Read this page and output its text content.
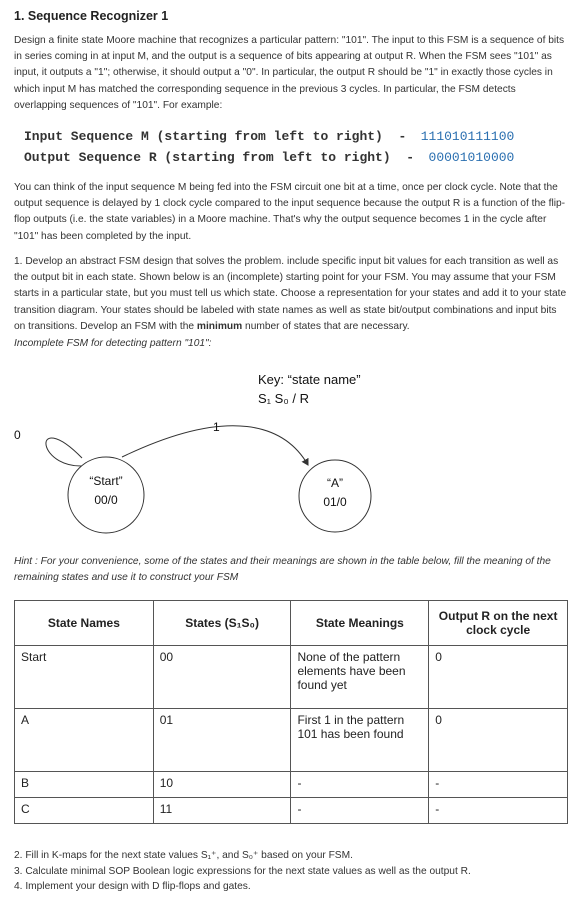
1. Sequence Recognizer 1
Design a finite state Moore machine that recognizes a particular pattern: "101". The input to this FSM is a sequence of bits in series coming in at input M, and the output is a sequence of bits appearing at output R. When the FSM sees "101" as input, it outputs a "1"; otherwise, it should output a "0". In particular, the output R should be "1" in exactly those cycles in which input M has matched the corresponding sequence in the previous 3 cycles. In particular, the FSM detects overlapping sequences of "101". For example:
Input Sequence M (starting from left to right)  - 111010111100
Output Sequence R (starting from left to right)  - 00001010000
You can think of the input sequence M being fed into the FSM circuit one bit at a time, once per clock cycle. Note that the output sequence is delayed by 1 clock cycle compared to the input sequence because the output R is a function of the flip-flop outputs (i.e. the state variables) in a Moore machine. That's why the output sequence becomes 1 in the cycle after "101" has been completed by the input.
1. Develop an abstract FSM design that solves the problem. include specific input bit values for each transition as well as the output bit in each state. Shown below is an (incomplete) starting point for your FSM. You may assume that your FSM starts in a particular state, but you must tell us which state. Choose a representation for your states and add it to your state transition diagram. Your states should be labeled with state names as well as state bit/output combinations and input bits on transitions. Develop an FSM with the minimum number of states that are necessary.
Incomplete FSM for detecting pattern "101":
Key: “state name”
S₁ S₀ / R
0
1
“Start”
00/0
“A”
01/0
Hint : For your convenience, some of the states and their meanings are shown in the table below, fill the meaning of the remaining states and use it to construct your FSM
State Names	States (S₁S₀)	State Meanings	Output R on the next clock cycle
Start	00	None of the pattern elements have been found yet	0
A	01	First 1 in the pattern 101 has been found	0
B	10	-	-
C	11	-	-
2. Fill in K-maps for the next state values S₁⁺, and S₀⁺ based on your FSM.
3. Calculate minimal SOP Boolean logic expressions for the next state values as well as the output R.
4. Implement your design with D flip-flops and gates.
